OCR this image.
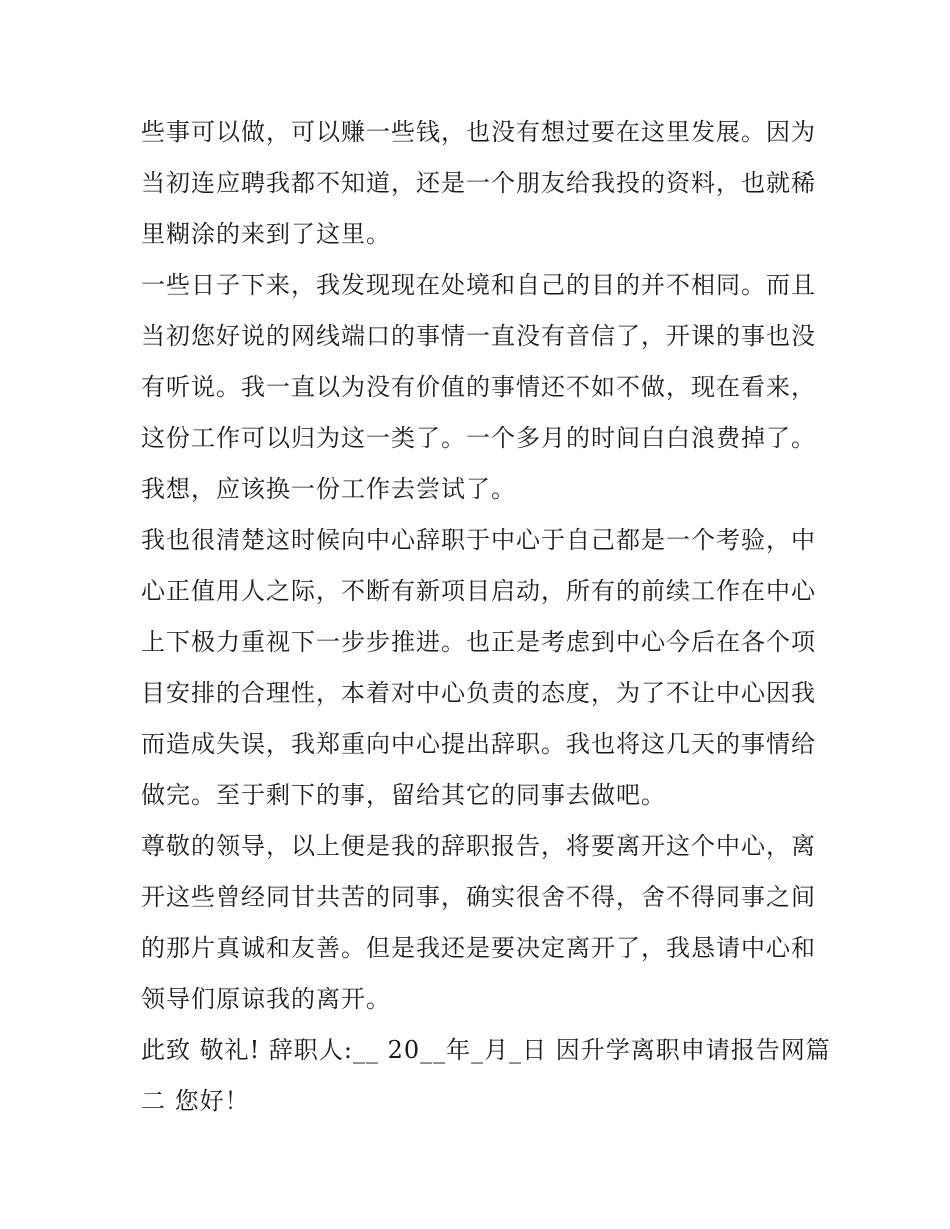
些事可以做，可以赚一些钱，也没有想过要在这里发展。因为
当初连应聘我都不知道，还是一个朋友给我投的资料，也就稀
里糊涂的来到了这里。
一些日子下来，我发现现在处境和自己的目的并不相同。而且
当初您好说的网线端口的事情一直没有音信了，开课的事也没
有听说。我一直以为没有价值的事情还不如不做，现在看来，
这份工作可以归为这一类了。一个多月的时间白白浪费掉了。
我想，应该换一份工作去尝试了。
我也很清楚这时候向中心辞职于中心于自己都是一个考验，中
心正值用人之际，不断有新项目启动，所有的前续工作在中心
上下极力重视下一步步推进。也正是考虑到中心今后在各个项
目安排的合理性，本着对中心负责的态度，为了不让中心因我
而造成失误，我郑重向中心提出辞职。我也将这几天的事情给
做完。至于剩下的事，留给其它的同事去做吧。
尊敬的领导，以上便是我的辞职报告，将要离开这个中心，离
开这些曾经同甘共苦的同事，确实很舍不得，舍不得同事之间
的那片真诚和友善。但是我还是要决定离开了，我恳请中心和
领导们原谅我的离开。
此致 敬礼! 辞职人:__ 20__年_月_日 因升学离职申请报告网篇
二 您好！
